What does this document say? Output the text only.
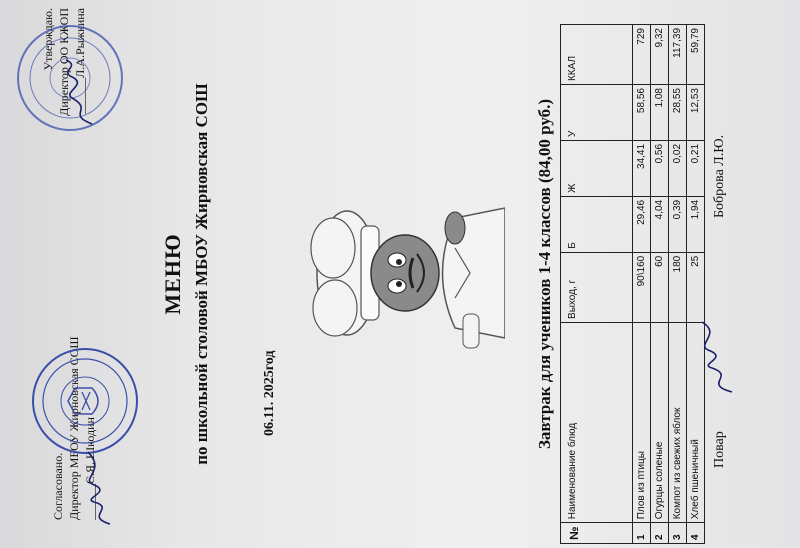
Согласовано. Директор МБОУ Жирновская СОШ ______С.Я. Шкодин
Утверждаю. Директор ОО КЖОП ______Л.А.Рыжкина
МЕНЮ по школьной столовой МБОУ Жирновская СОШ	06.11. 2025год	Завтрак для учеников 1-4 классов (84,00 руб.)
№	Наименование блюд	Выход, г	Б	Ж	У	ККАЛ
1	Плов из птицы	90\160	29,46	34,41	58,56	729
2	Огурцы соленые	60	4,04	0,56	1,08	9,32
3	Компот из свежих яблок	180	0,39	0,02	28,55	117,39
4	Хлеб пшеничный	25	1,94	0,21	12,53	59,79
Повар
Боброва Л.Ю.
